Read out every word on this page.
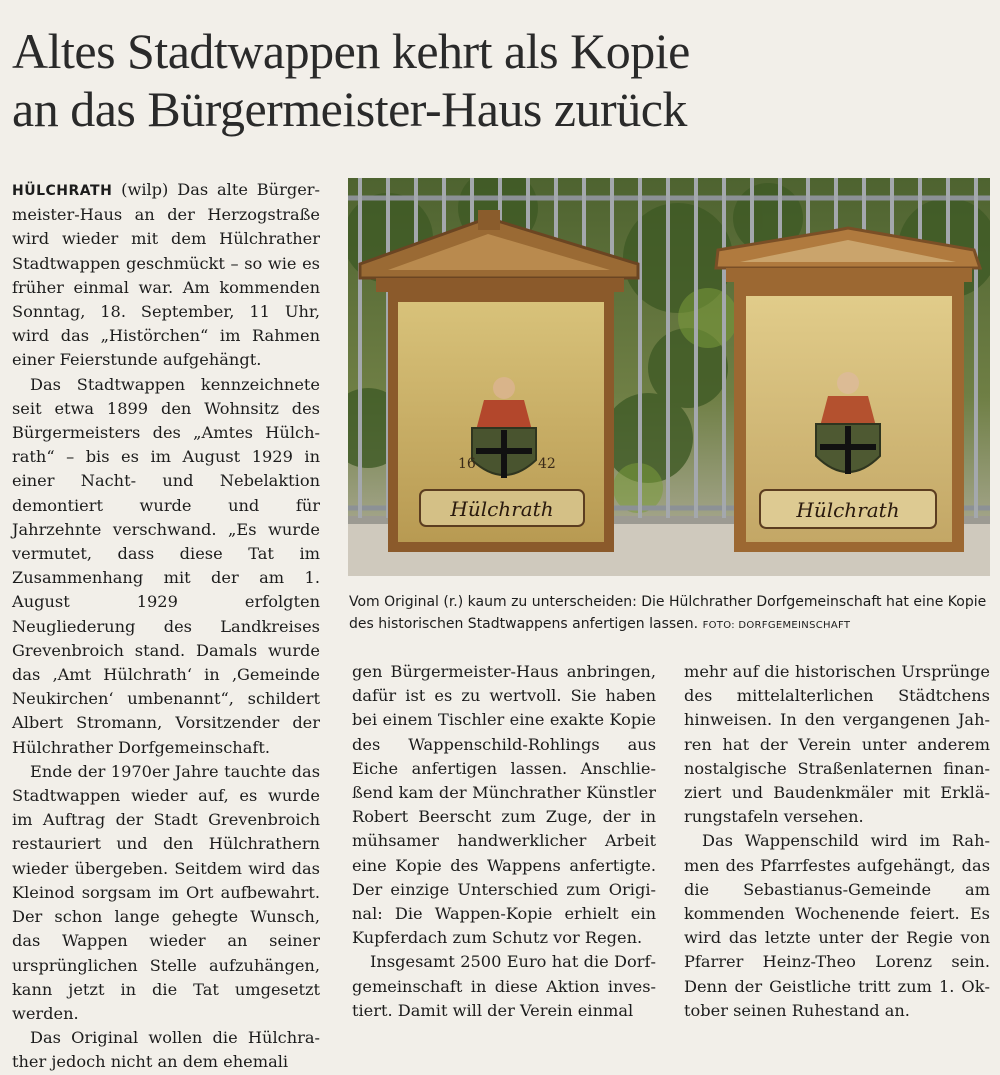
Altes Stadtwappen kehrt als Kopie
an das Bürgermeister-Haus zurück

HÜLCHRATH (wilp) Das alte Bürgermeister-Haus an der Herzogstraße wird wieder mit dem Hülchrather Stadtwappen geschmückt – so wie es früher einmal war. Am kommenden Sonntag, 18. September, 11 Uhr, wird das „Histörchen“ im Rahmen einer Feierstunde aufgehängt.

Das Stadtwappen kennzeichnete seit etwa 1899 den Wohnsitz des Bürgermeisters des „Amtes Hülchrath“ – bis es im August 1929 in einer Nacht- und Nebelaktion demontiert wurde und für Jahrzehnte verschwand. „Es wurde vermutet, dass diese Tat im Zusammenhang mit der am 1. August 1929 erfolgten Neugliederung des Landkreises Grevenbroich stand. Damals wurde das ‚Amt Hülchrath‘ in ‚Gemeinde Neukirchen‘ umbenannt“, schildert Albert Stromann, Vorsitzender der Hülchrather Dorfgemeinschaft.

Ende der 1970er Jahre tauchte das Stadtwappen wieder auf, es wurde im Auftrag der Stadt Grevenbroich restauriert und den Hülchrathern wieder übergeben. Seitdem wird das Kleinod sorgsam im Ort aufbewahrt. Der schon lange gehegte Wunsch, das Wappen wieder an seiner ursprünglichen Stelle aufzuhängen, kann jetzt in die Tat umgesetzt werden.

Das Original wollen die Hülchrather jedoch nicht an dem ehemali

16	42
Hülchrath	Hülchrath
Vom Original (r.) kaum zu unterscheiden: Die Hülchrather Dorfgemeinschaft hat eine Kopie des historischen Stadtwappens anfertigen lassen. FOTO: DORFGEMEINSCHAFT

gen Bürgermeister-Haus anbringen, dafür ist es zu wertvoll. Sie haben bei einem Tischler eine exakte Kopie des Wappenschild-Rohlings aus Eiche anfertigen lassen. Anschließend kam der Münchrather Künstler Robert Beerscht zum Zuge, der in mühsamer handwerklicher Arbeit eine Kopie des Wappens anfertigte. Der einzige Unterschied zum Original: Die Wappen-Kopie erhielt ein Kupferdach zum Schutz vor Regen.

Insgesamt 2500 Euro hat die Dorfgemeinschaft in diese Aktion investiert. Damit will der Verein einmal

mehr auf die historischen Ursprünge des mittelalterlichen Städtchens hinweisen. In den vergangenen Jahren hat der Verein unter anderem nostalgische Straßenlaternen finanziert und Baudenkmäler mit Erklärungstafeln versehen.

Das Wappenschild wird im Rahmen des Pfarrfestes aufgehängt, das die Sebastianus-Gemeinde am kommenden Wochenende feiert. Es wird das letzte unter der Regie von Pfarrer Heinz-Theo Lorenz sein. Denn der Geistliche tritt zum 1. Oktober seinen Ruhestand an.
